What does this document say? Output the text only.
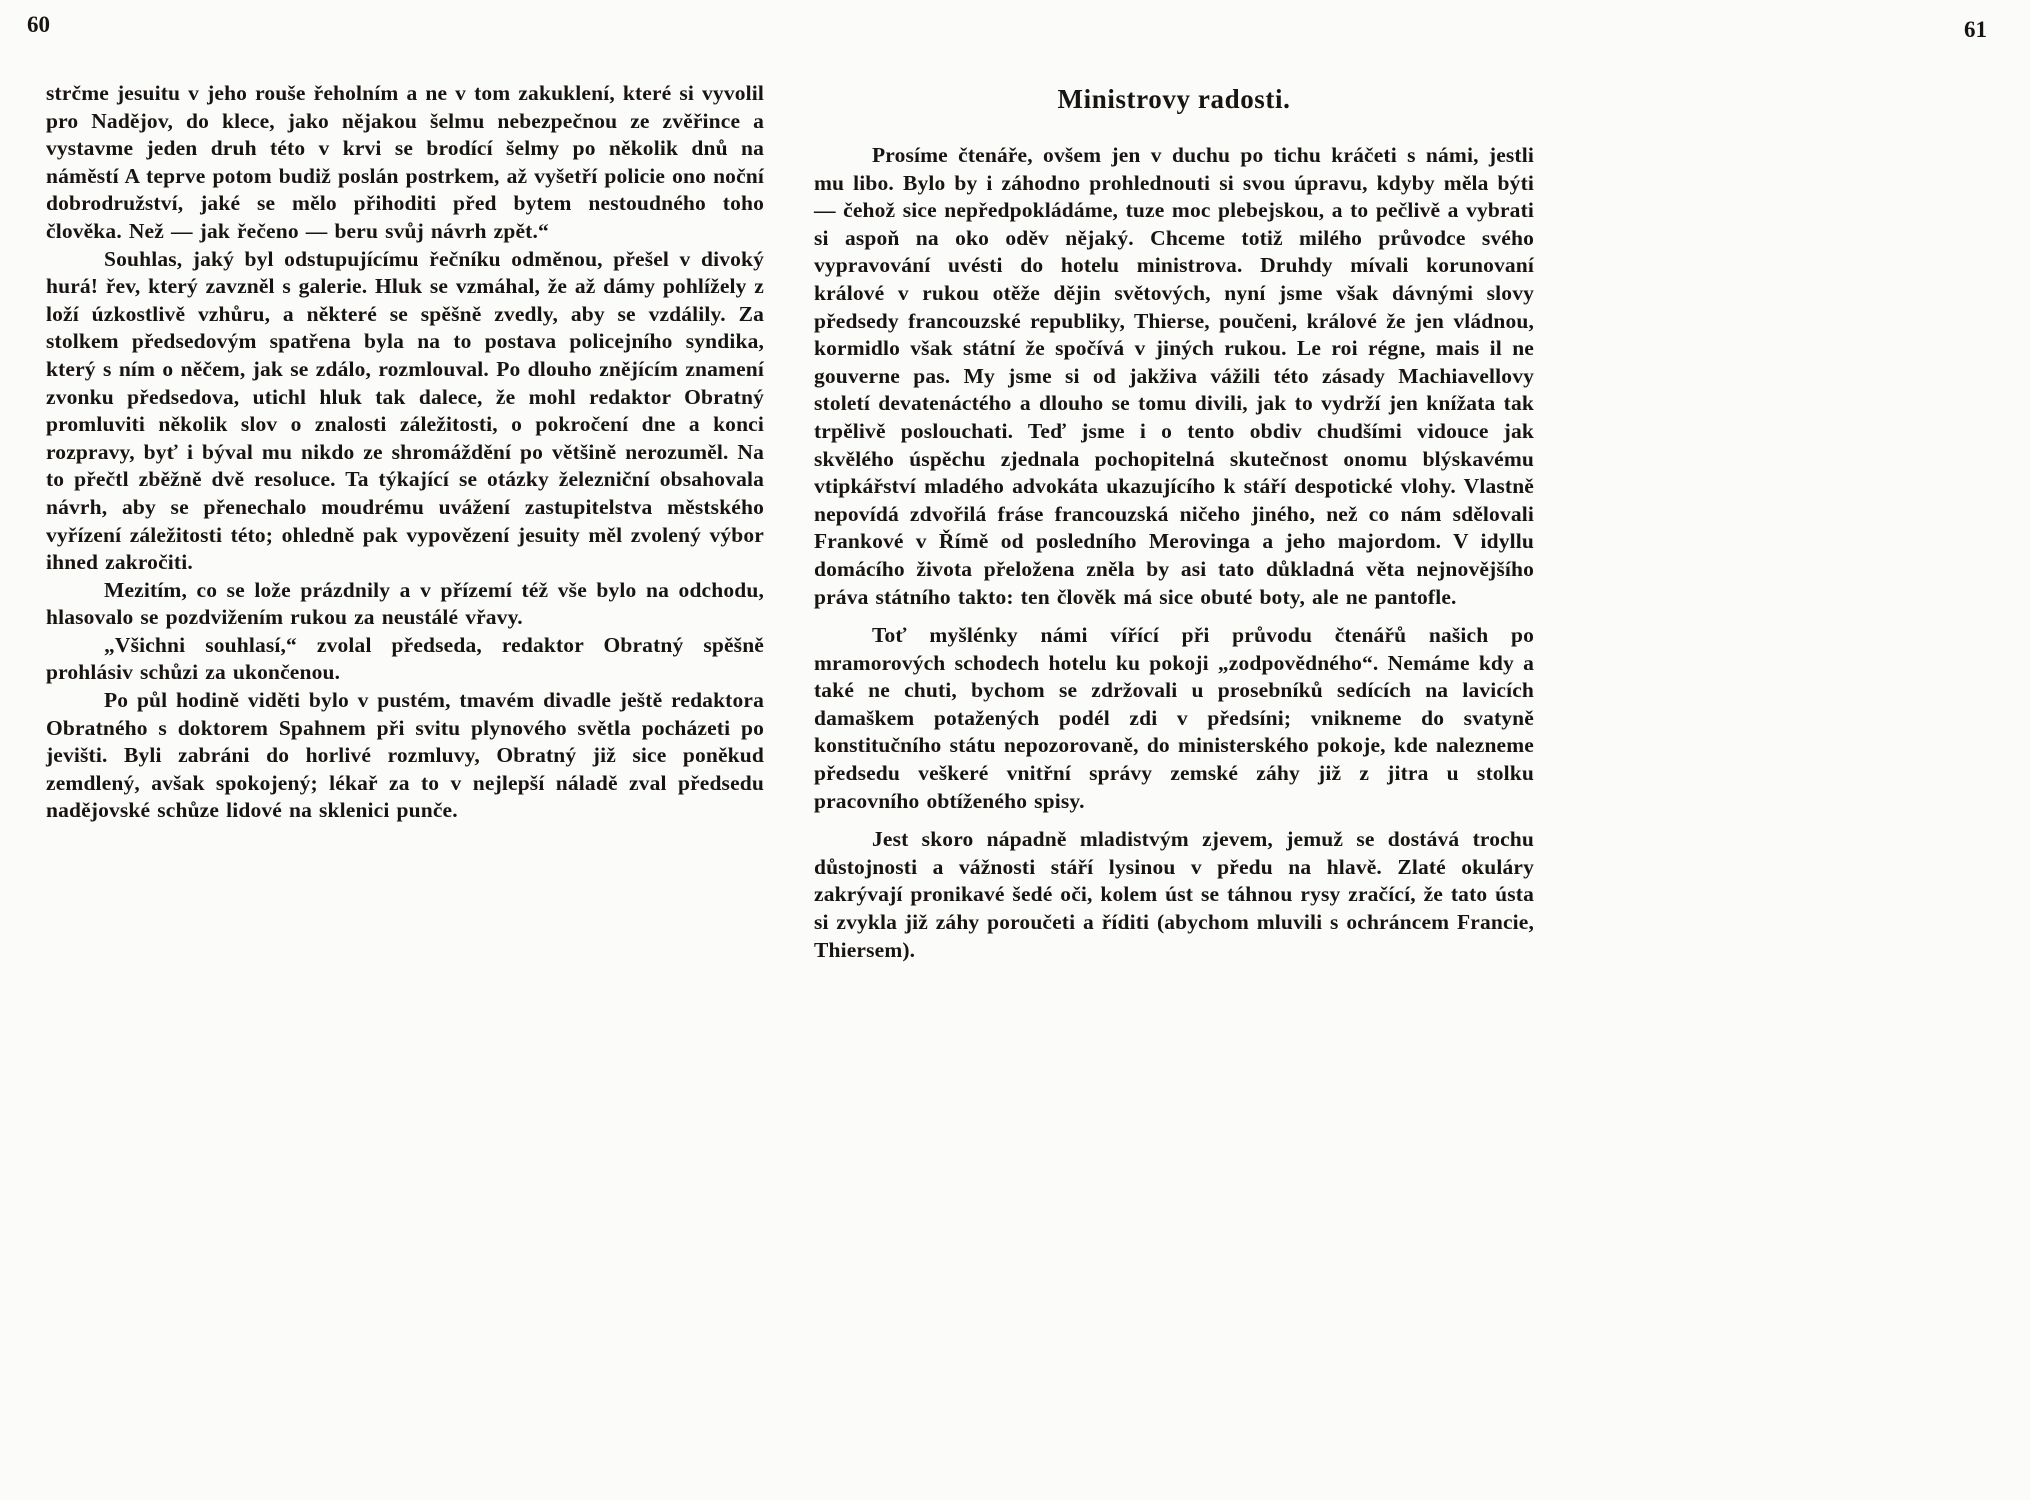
60	61

strčme jesuitu v jeho rouše řeholním a ne v tom zakuklení, které si vyvolil pro Nadějov, do klece, jako nějakou šelmu nebezpečnou ze zvěřince a vystavme jeden druh této v krvi se brodící šelmy po několik dnů na náměstí A teprve potom budiž poslán postrkem, až vyšetří policie ono noční dobrodružství, jaké se mělo přihoditi před bytem nestoudného toho člověka. Než — jak řečeno — beru svůj návrh zpět.“

Souhlas, jaký byl odstupujícímu řečníku odměnou, přešel v divoký hurá! řev, který zavzněl s galerie. Hluk se vzmáhal, že až dámy pohlížely z loží úzkostlivě vzhůru, a některé se spěšně zvedly, aby se vzdálily. Za stolkem předsedovým spatřena byla na to postava policejního syndika, který s ním o něčem, jak se zdálo, rozmlouval. Po dlouho znějícím znamení zvonku předsedova, utichl hluk tak dalece, že mohl redaktor Obratný promluviti několik slov o znalosti záležitosti, o pokročení dne a konci rozpravy, byť i býval mu nikdo ze shromáždění po většině nerozuměl. Na to přečtl zběžně dvě resoluce. Ta týkající se otázky železniční obsahovala návrh, aby se přenechalo moudrému uvážení zastupitelstva městského vyřízení záležitosti této; ohledně pak vypovězení jesuity měl zvolený výbor ihned zakročiti.

Mezitím, co se lože prázdnily a v přízemí též vše bylo na odchodu, hlasovalo se pozdvižením rukou za neustálé vřavy.

„Všichni souhlasí,“ zvolal předseda, redaktor Obratný spěšně prohlásiv schůzi za ukončenou.

Po půl hodině viděti bylo v pustém, tmavém divadle ještě redaktora Obratného s doktorem Spahnem při svitu plynového světla pocházeti po jevišti. Byli zabráni do horlivé rozmluvy, Obratný již sice poněkud zemdlený, avšak spokojený; lékař za to v nejlepší náladě zval předsedu nadějovské schůze lidové na sklenici punče.

Ministrovy radosti.

Prosíme čtenáře, ovšem jen v duchu po tichu kráčeti s námi, jestli mu libo. Bylo by i záhodno prohlednouti si svou úpravu, kdyby měla býti — čehož sice nepředpokládáme, tuze moc plebejskou, a to pečlivě a vybrati si aspoň na oko oděv nějaký. Chceme totiž milého průvodce svého vypravování uvésti do hotelu ministrova. Druhdy mívali korunovaní králové v rukou otěže dějin světových, nyní jsme však dávnými slovy předsedy francouzské republiky, Thierse, poučeni, králové že jen vládnou, kormidlo však státní že spočívá v jiných rukou. Le roi régne, mais il ne gouverne pas. My jsme si od jakživa vážili této zásady Machiavellovy století devatenáctého a dlouho se tomu divili, jak to vydrží jen knížata tak trpělivě poslouchati. Teď jsme i o tento obdiv chudšími vidouce jak skvělého úspěchu zjednala pochopitelná skutečnost onomu blýskavému vtipkářství mladého advokáta ukazujícího k stáří despotické vlohy. Vlastně nepovídá zdvořilá fráse francouzská ničeho jiného, než co nám sdělovali Frankové v Římě od posledního Merovinga a jeho majordom. V idyllu domácího života přeložena zněla by asi tato důkladná věta nejnovějšího práva státního takto: ten člověk má sice obuté boty, ale ne pantofle.

Toť myšlénky námi vířící při průvodu čtenářů našich po mramorových schodech hotelu ku pokoji „zodpovědného“. Nemáme kdy a také ne chuti, bychom se zdržovali u prosebníků sedících na lavicích damaškem potažených podél zdi v předsíni; vnikneme do svatyně konstitučního státu nepozorovaně, do ministerského pokoje, kde nalezneme předsedu veškeré vnitřní správy zemské záhy již z jitra u stolku pracovního obtíženého spisy.

Jest skoro nápadně mladistvým zjevem, jemuž se dostává trochu důstojnosti a vážnosti stáří lysinou v předu na hlavě. Zlaté okuláry zakrývají pronikavé šedé oči, kolem úst se táhnou rysy zračící, že tato ústa si zvykla již záhy poroučeti a říditi (abychom mluvili s ochráncem Francie, Thiersem).
